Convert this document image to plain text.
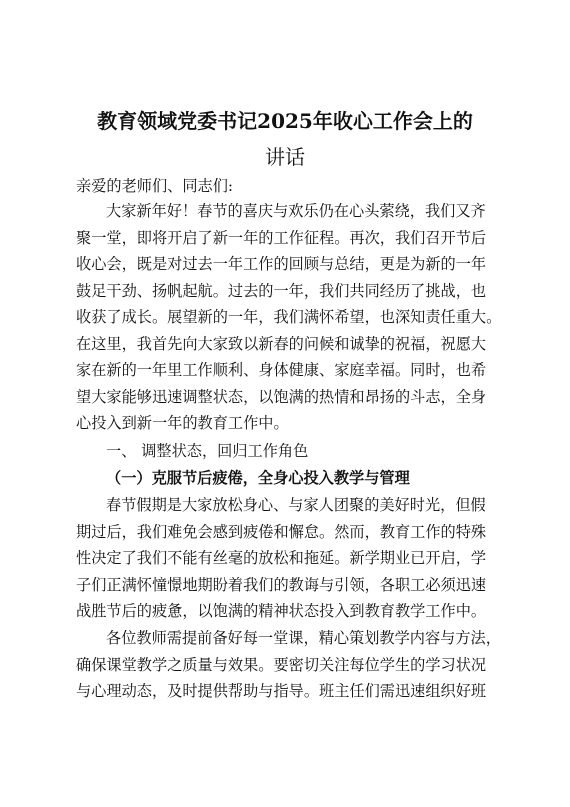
教育领域党委书记2025年收心工作会上的
讲话

亲爱的老师们、同志们:

大家新年好！春节的喜庆与欢乐仍在心头萦绕，我们又齐
聚一堂，即将开启了新一年的工作征程。再次，我们召开节后
收心会，既是对过去一年工作的回顾与总结，更是为新的一年
鼓足干劲、扬帆起航。过去的一年，我们共同经历了挑战，也
收获了成长。展望新的一年，我们满怀希望，也深知责任重大。
在这里，我首先向大家致以新春的问候和诚挚的祝福，祝愿大
家在新的一年里工作顺利、身体健康、家庭幸福。同时，也希
望大家能够迅速调整状态，以饱满的热情和昂扬的斗志，全身
心投入到新一年的教育工作中。

一、 调整状态，回归工作角色

（一）克服节后疲倦，全身心投入教学与管理

春节假期是大家放松身心、与家人团聚的美好时光，但假
期过后，我们难免会感到疲倦和懈怠。然而，教育工作的特殊
性决定了我们不能有丝毫的放松和拖延。新学期业已开启，学
子们正满怀憧憬地期盼着我们的教诲与引领，各职工必须迅速
战胜节后的疲惫，以饱满的精神状态投入到教育教学工作中。
各位教师需提前备好每一堂课，精心策划教学内容与方法，
确保课堂教学之质量与效果。要密切关注每位学生的学习状况
与心理动态，及时提供帮助与指导。班主任们需迅速组织好班
